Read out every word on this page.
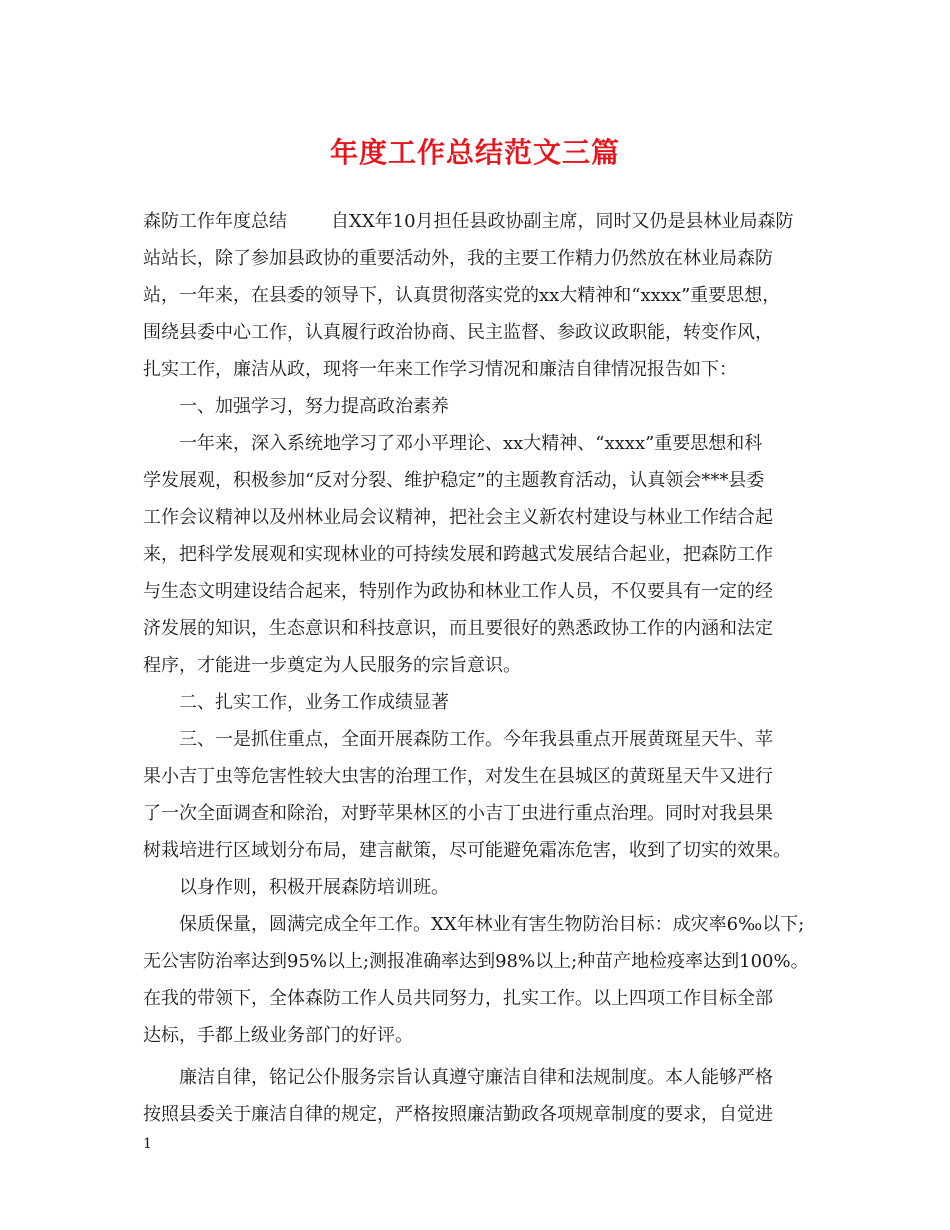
年度工作总结范文三篇
森防工作年度总结 自XX年10月担任县政协副主席，同时又仍是县林业局森防
站站长，除了参加县政协的重要活动外，我的主要工作精力仍然放在林业局森防
站，一年来，在县委的领导下，认真贯彻落实党的xx大精神和“xxxx”重要思想，
围绕县委中心工作，认真履行政治协商、民主监督、参政议政职能，转变作风，
扎实工作，廉洁从政，现将一年来工作学习情况和廉洁自律情况报告如下：
一、加强学习，努力提高政治素养
一年来，深入系统地学习了邓小平理论、xx大精神、“xxxx”重要思想和科
学发展观，积极参加“反对分裂、维护稳定”的主题教育活动，认真领会***县委
工作会议精神以及州林业局会议精神，把社会主义新农村建设与林业工作结合起
来，把科学发展观和实现林业的可持续发展和跨越式发展结合起业，把森防工作
与生态文明建设结合起来，特别作为政协和林业工作人员，不仅要具有一定的经
济发展的知识，生态意识和科技意识，而且要很好的熟悉政协工作的内涵和法定
程序，才能进一步奠定为人民服务的宗旨意识。
二、扎实工作，业务工作成绩显著
三、一是抓住重点，全面开展森防工作。今年我县重点开展黄斑星天牛、苹
果小吉丁虫等危害性较大虫害的治理工作，对发生在县城区的黄斑星天牛又进行
了一次全面调查和除治，对野苹果林区的小吉丁虫进行重点治理。同时对我县果
树栽培进行区域划分布局，建言献策，尽可能避免霜冻危害，收到了切实的效果。
以身作则，积极开展森防培训班。
保质保量，圆满完成全年工作。XX年林业有害生物防治目标：成灾率6‰以下;
无公害防治率达到95%以上;测报准确率达到98%以上;种苗产地检疫率达到100%。
在我的带领下，全体森防工作人员共同努力，扎实工作。以上四项工作目标全部
达标，手都上级业务部门的好评。
廉洁自律，铭记公仆服务宗旨认真遵守廉洁自律和法规制度。本人能够严格
按照县委关于廉洁自律的规定，严格按照廉洁勤政各项规章制度的要求，自觉进
1
